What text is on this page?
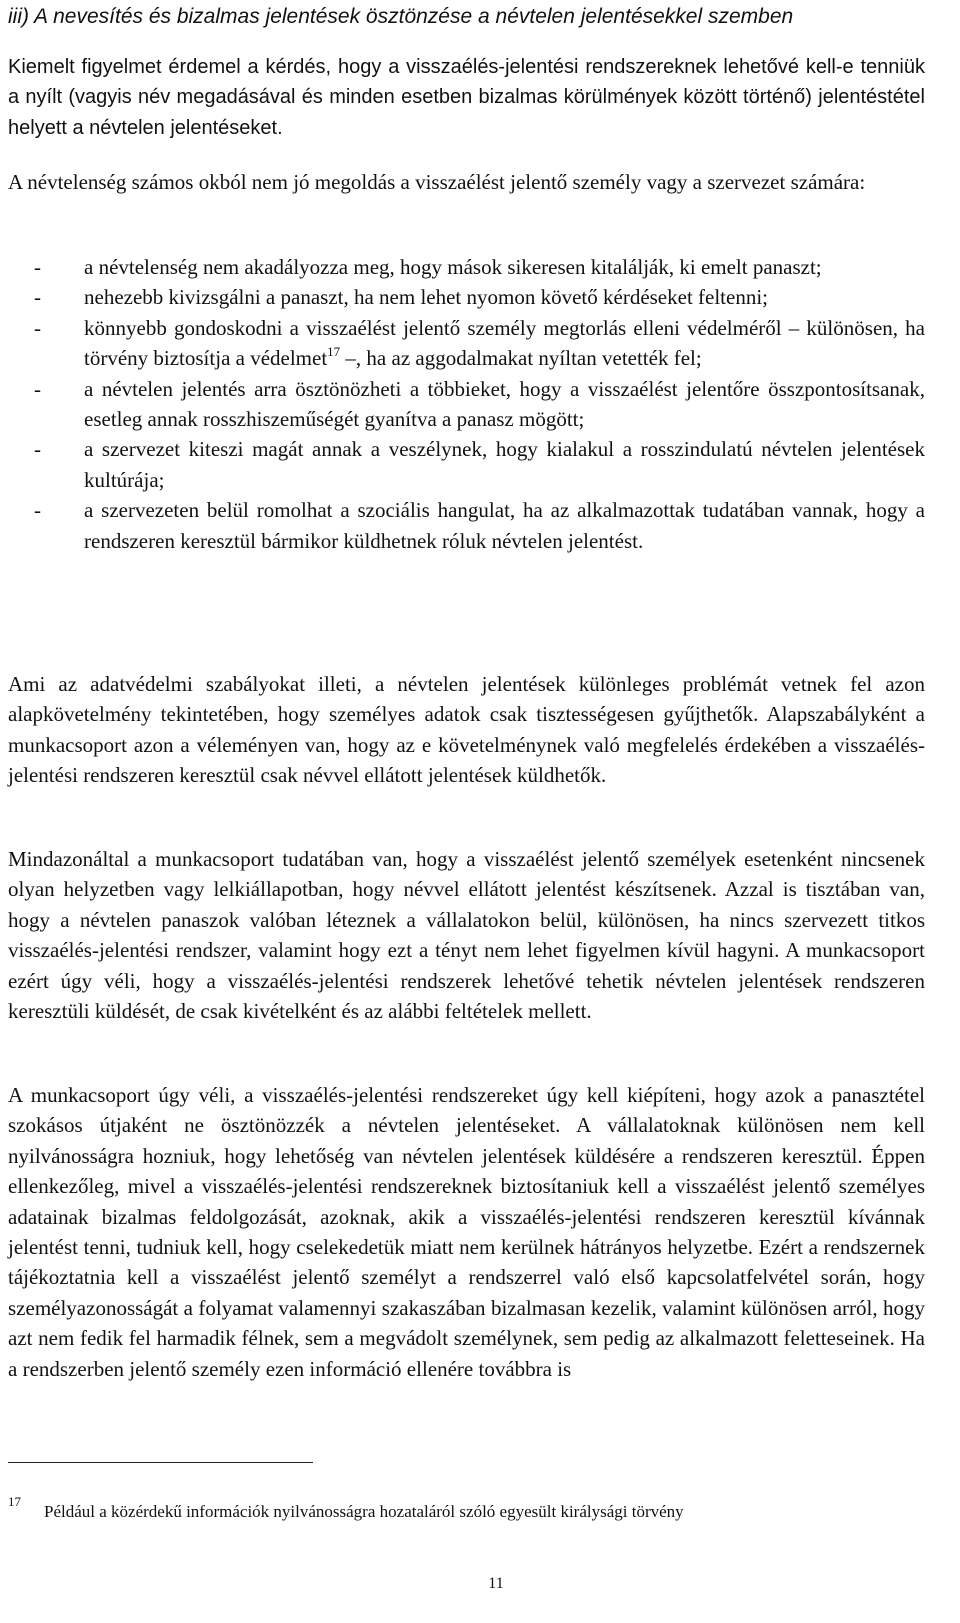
iii) A nevesítés és bizalmas jelentések ösztönzése a névtelen jelentésekkel szemben

Kiemelt figyelmet érdemel a kérdés, hogy a visszaélés-jelentési rendszereknek lehetővé kell-e tenniük a nyílt (vagyis név megadásával és minden esetben bizalmas körülmények között történő) jelentéstétel helyett a névtelen jelentéseket.

A névtelenség számos okból nem jó megoldás a visszaélést jelentő személy vagy a szervezet számára:

- a névtelenség nem akadályozza meg, hogy mások sikeresen kitalálják, ki emelt panaszt;
- nehezebb kivizsgálni a panaszt, ha nem lehet nyomon követő kérdéseket feltenni;
- könnyebb gondoskodni a visszaélést jelentő személy megtorlás elleni védelméről – különösen, ha törvény biztosítja a védelmet$^{17}$ –, ha az aggodalmakat nyíltan vetették fel;
- a névtelen jelentés arra ösztönözheti a többieket, hogy a visszaélést jelentőre összpontosítsanak, esetleg annak rosszhiszeműségét gyanítva a panasz mögött;
- a szervezet kiteszi magát annak a veszélynek, hogy kialakul a rosszindulatú névtelen jelentések kultúrája;
- a szervezeten belül romolhat a szociális hangulat, ha az alkalmazottak tudatában vannak, hogy a rendszeren keresztül bármikor küldhetnek róluk névtelen jelentést.

Ami az adatvédelmi szabályokat illeti, a névtelen jelentések különleges problémát vetnek fel azon alapkövetelmény tekintetében, hogy személyes adatok csak tisztességesen gyűjthetők. Alapszabályként a munkacsoport azon a véleményen van, hogy az e követelménynek való megfelelés érdekében a visszaélés-jelentési rendszeren keresztül csak névvel ellátott jelentések küldhetők.

Mindazonáltal a munkacsoport tudatában van, hogy a visszaélést jelentő személyek esetenként nincsenek olyan helyzetben vagy lelkiállapotban, hogy névvel ellátott jelentést készítsenek. Azzal is tisztában van, hogy a névtelen panaszok valóban léteznek a vállalatokon belül, különösen, ha nincs szervezett titkos visszaélés-jelentési rendszer, valamint hogy ezt a tényt nem lehet figyelmen kívül hagyni. A munkacsoport ezért úgy véli, hogy a visszaélés-jelentési rendszerek lehetővé tehetik névtelen jelentések rendszeren keresztüli küldését, de csak kivételként és az alábbi feltételek mellett.

A munkacsoport úgy véli, a visszaélés-jelentési rendszereket úgy kell kiépíteni, hogy azok a panasztétel szokásos útjaként ne ösztönözzék a névtelen jelentéseket. A vállalatoknak különösen nem kell nyilvánosságra hozniuk, hogy lehetőség van névtelen jelentések küldésére a rendszeren keresztül. Éppen ellenkezőleg, mivel a visszaélés-jelentési rendszereknek biztosítaniuk kell a visszaélést jelentő személyes adatainak bizalmas feldolgozását, azoknak, akik a visszaélés-jelentési rendszeren keresztül kívánnak jelentést tenni, tudniuk kell, hogy cselekedetük miatt nem kerülnek hátrányos helyzetbe. Ezért a rendszernek tájékoztatnia kell a visszaélést jelentő személyt a rendszerrel való első kapcsolatfelvétel során, hogy személyazonosságát a folyamat valamennyi szakaszában bizalmasan kezelik, valamint különösen arról, hogy azt nem fedik fel harmadik félnek, sem a megvádolt személynek, sem pedig az alkalmazott feletteseinek. Ha a rendszerben jelentő személy ezen információ ellenére továbbra is

17
Például a közérdekű információk nyilvánosságra hozataláról szóló egyesült királysági törvény
11
